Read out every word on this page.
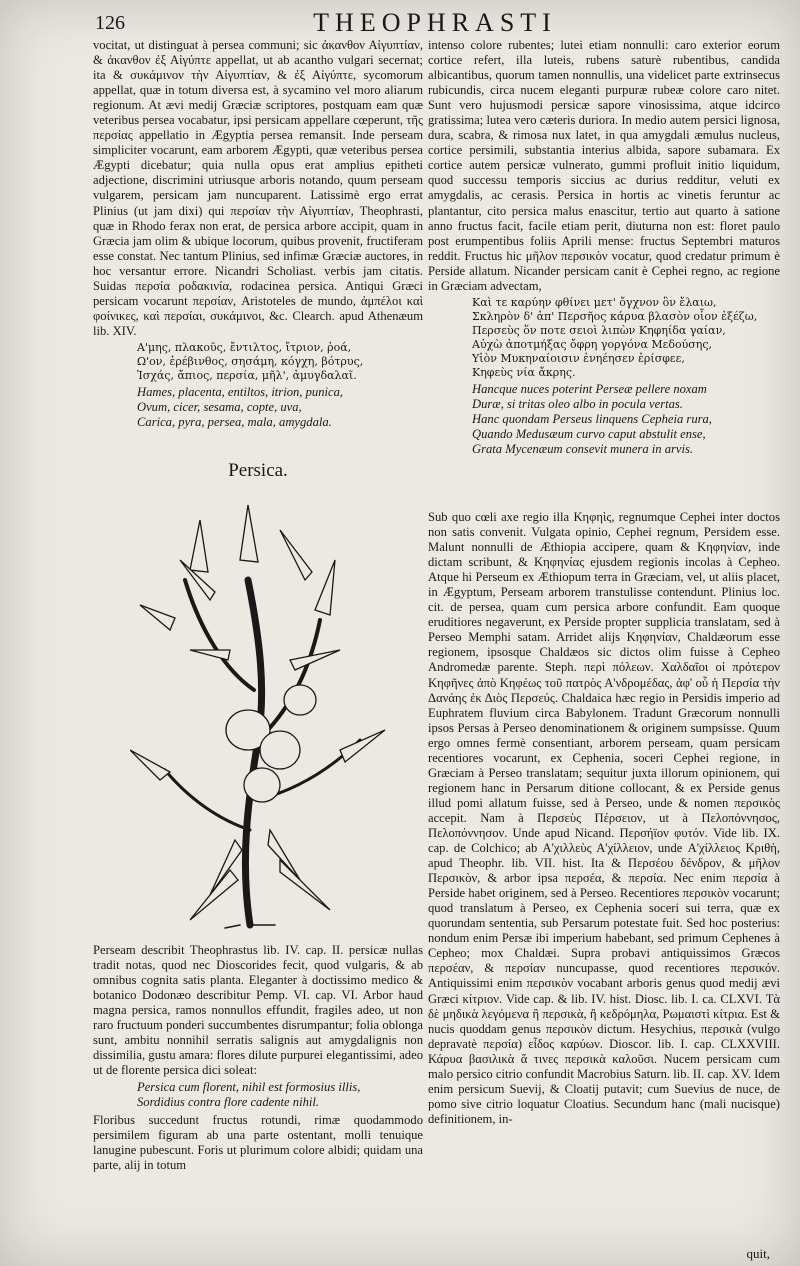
126	THEOPHRASTI

vocitat, ut distinguat à persea communi; sic ἀκανθον Αἰγυπτίαν, & ἀκανθον ἐξ Αἰγύπτε appellat, ut ab acantho vulgari secernat; ita & συκάμινον τὴν Αἰγυπτίαν, & ἐξ Αἰγύπτε, sycomorum appellat, quæ in totum diversa est, à sycamino vel moro aliarum regionum. At ævi medij Græciæ scriptores, postquam eam quæ veteribus persea vocabatur, ipsi persicam appellare cœperunt, τῆς περσίας appellatio in Ægyptia persea remansit. Inde perseam simpliciter vocarunt, eam arborem Ægypti, quæ veteribus persea Ægypti dicebatur; quia nulla opus erat amplius epitheti adjectione, discrimini utriusque arboris notando, quum perseam vulgarem, persicam jam nuncuparent. Latissimè ergo errat Plinius (ut jam dixi) qui περσίαν τὴν Αἰγυπτίαν, Theophrasti, quæ in Rhodo ferax non erat, de persica arbore accipit, quam in Græcia jam olim & ubique locorum, quibus provenit, fructiferam esse constat. Nec tantum Plinius, sed infimæ Græciæ auctores, in hoc versantur errore. Nicandri Scholiast. verbis jam citatis. Suidas περσία ροδακινία, rodacinea persica. Antiqui Græci persicam vocarunt περσίαν, Aristoteles de mundo, ἀμπέλοι καὶ φοίνικες, καὶ περσίαι, συκάμινοι, &c. Clearch. apud Athenæum lib. XIV.

Α'μης, πλακοῦς, ἔντιλτος, ἴτριον, ῥοά,
Ω'ον, ἐρέβινθος, σησάμη, κόγχη, βότρυς,
Ἰσχάς, ἄπιος, περσία, μῆλ', ἀμυγδαλαῖ.
Hames, placenta, entiltos, itrion, punica,
Ovum, cicer, sesama, copte, uva,
Carica, pyra, persea, mala, amygdala.
Persica.

Perseam describit Theophrastus lib. IV. cap. II. persicæ nullas tradit notas, quod nec Dioscorides fecit, quod vulgaris, & ab omnibus cognita satis planta. Eleganter à doctissimo medico & botanico Dodonæo describitur Pemp. VI. cap. VI. Arbor haud magna persica, ramos nonnullos effundit, fragiles adeo, ut non raro fructuum ponderi succumbentes disrumpantur; folia oblonga sunt, ambitu nonnihil serratis salignis aut amygdalignis non dissimilia, gustu amara: flores dilute purpurei elegantissimi, adeo ut de florente persica dici soleat:

Persica cum florent, nihil est formosius illis,
Sordidius contra flore cadente nihil.

Floribus succedunt fructus rotundi, rimæ quodammodo persimilem figuram ab una parte ostentant, molli tenuique lanugine pubescunt. Foris ut plurimum colore albidi; quidam una parte, alij in totum

intenso colore rubentes; lutei etiam nonnulli: caro exterior eorum cortice refert, illa luteis, rubens saturè rubentibus, candida albicantibus, quorum tamen nonnullis, una videlicet parte extrinsecus rubicundis, circa nucem eleganti purpuræ rubeæ colore caro nitet. Sunt vero hujusmodi persicæ sapore vinosissima, atque idcirco gratissima; lutea vero cæteris duriora. In medio autem persici lignosa, dura, scabra, & rimosa nux latet, in qua amygdali æmulus nucleus, cortice persimili, substantia interius albida, sapore subamara. Ex cortice autem persicæ vulnerato, gummi profluit initio liquidum, quod successu temporis siccius ac durius redditur, veluti ex amygdalis, ac cerasis. Persica in hortis ac vinetis feruntur ac plantantur, cito persica malus enascitur, tertio aut quarto à satione anno fructus facit, facile etiam perit, diuturna non est: floret paulo post erumpentibus foliis Aprili mense: fructus Septembri maturos reddit. Fructus hic μῆλον περσικὸν vocatur, quod credatur primum è Perside allatum. Nicander persicam canit è Cephei regno, ac regione in Græciam advectam,

Καὶ τε καρύην φθίνει μετ' ὄγχνον ὃν ἔλαιω,
Σκληρὸν δ' ἀπ' Περσῆος κάρυα βλασὸν οἷον ἐξέζω,
Περσεὺς ὅν ποτε σειοὶ λιπὼν Κηφηίδα γαίαν,
Αὐχὼ ἀποτμήξας ὄφρη γοργόνα Μεδούσης,
Υἱὸν Μυκηναίοισιν ἐνηέησεν ἐρίσφεε,
Κηφεὺς νία ἄκρης.
Hancque nuces poterint Perseæ pellere noxam
Duræ, si tritas oleo albo in pocula vertas.
Hanc quondam Perseus linquens Cepheia rura,
Quando Medusæum curvo caput abstulit ense,
Grata Mycenæum consevit munera in arvis.

Sub quo cœli axe regio illa Κηφηὶς, regnumque Cephei inter doctos non satis convenit. Vulgata opinio, Cephei regnum, Persidem esse. Malunt nonnulli de Æthiopia accipere, quam & Κηφηνίαν, inde dictam scribunt, & Κηφηνίας ejusdem regionis incolas à Cepheo. Atque hi Perseum ex Æthiopum terra in Græciam, vel, ut aliis placet, in Ægyptum, Perseam arborem transtulisse contendunt. Plinius loc. cit. de persea, quam cum persica arbore confundit. Eam quoque eruditiores negaverunt, ex Perside propter supplicia translatam, sed à Perseo Memphi satam. Arridet alijs Κηφηνίαν, Chaldæorum esse regionem, ipsosque Chaldæos sic dictos olim fuisse à Cepheo Andromedæ parente. Steph. περὶ πόλεων. Χαλδαῖοι οἱ πρότερον Κηφῆνες ἀπὸ Κηφέως τοῦ πατρὸς Α'νδρομέδας, ἀφ' οὗ ἡ Περσία τὴν Δανάης ἐκ Διὸς Περσεύς. Chaldaica hæc regio in Persidis imperio ad Euphratem fluvium circa Babylonem. Tradunt Græcorum nonnulli ipsos Persas à Perseo denominationem & originem sumpsisse. Quum ergo omnes fermè consentiant, arborem perseam, quam persicam recentiores vocarunt, ex Cephenia, soceri Cephei regione, in Græciam à Perseo translatam; sequitur juxta illorum opinionem, qui regionem hanc in Persarum ditione collocant, & ex Perside genus illud pomi allatum fuisse, sed à Perseo, unde & nomen περσικὸς accepit. Nam à Περσεὺς Πέρσειον, ut à Πελοπόννησος, Πελοπόννησον. Unde apud Nicand. Περσήϊον φυτόν. Vide lib. IX. cap. de Colchico; ab Α'χιλλεὺς Α'χίλλειον, unde Α'χίλλειος Κριθὴ, apud Theophr. lib. VII. hist. Ita & Περσέου δένδρον, & μῆλον Περσικὸν, & arbor ipsa περσέα, & περσία. Nec enim περσία à Perside habet originem, sed à Perseo. Recentiores περσικὸν vocarunt; quod translatum à Perseo, ex Cephenia soceri sui terra, quæ ex quorundam sententia, sub Persarum potestate fuit. Sed hoc posterius: nondum enim Persæ ibi imperium habebant, sed primum Cephenes à Cepheo; mox Chaldæi. Supra probavi antiquissimos Græcos περσέαν, & περσίαν nuncupasse, quod recentiores περσικόν. Antiquissimi enim περσικὸν vocabant arboris genus quod medij ævi Græci κίτριον. Vide cap. & lib. IV. hist. Diosc. lib. I. ca. CLXVI. Τὰ δὲ μηδικὰ λεγόμενα ἢ περσικὰ, ἢ κεδρόμηλα, Ρωμαιστὶ κίτρια. Est & nucis quoddam genus περσικὸν dictum. Hesychius, περσικὰ (vulgo depravatè περσία) εἶδος καρύων. Dioscor. lib. I. cap. CLXXVIII. Κάρυα βασιλικὰ ἅ τινες περσικὰ καλοῦσι. Nucem persicam cum malo persico citrio confundit Macrobius Saturn. lib. II. cap. XV. Idem enim persicum Suevij, & Cloatij putavit; cum Suevius de nuce, de pomo sive citrio loquatur Cloatius. Secundum hanc (mali nucisque) definitionem, in-

quit,
